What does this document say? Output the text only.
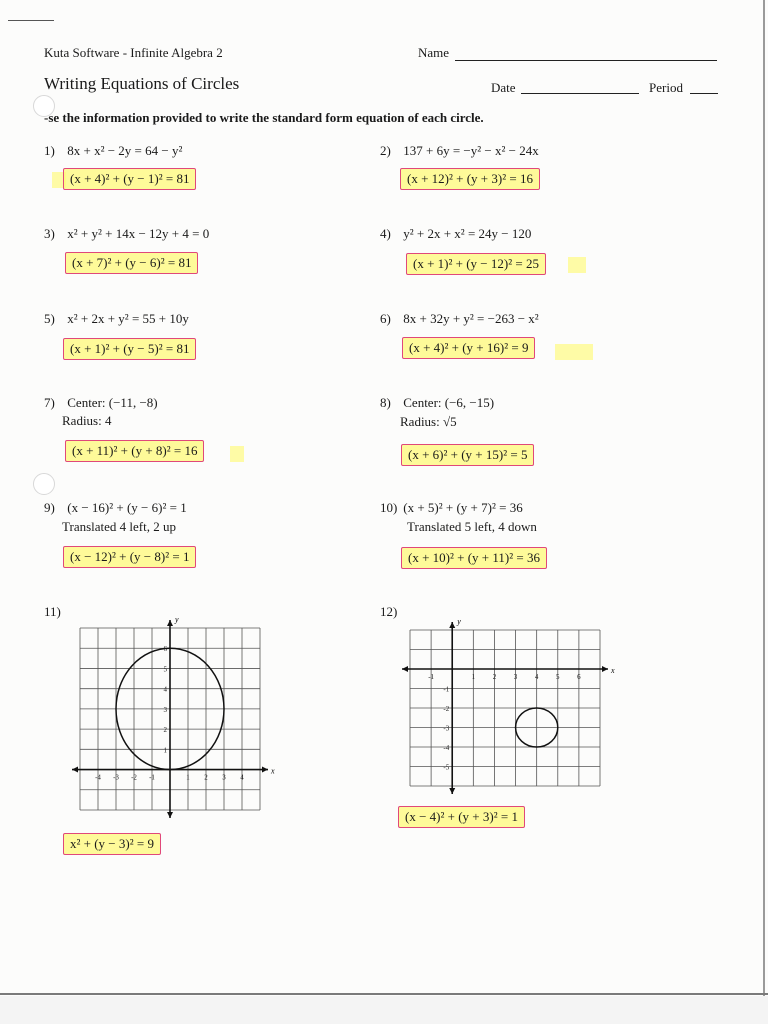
Kuta Software - Infinite Algebra 2	Name
Writing Equations of Circles	Date	Period
-se the information provided to write the standard form equation of each circle.
1) 8x + x² − 2y = 64 − y²
(x + 4)² + (y − 1)² = 81
2) 137 + 6y = −y² − x² − 24x
(x + 12)² + (y + 3)² = 16
3) x² + y² + 14x − 12y + 4 = 0
(x + 7)² + (y − 6)² = 81
4) y² + 2x + x² = 24y − 120
(x + 1)² + (y − 12)² = 25
5) x² + 2x + y² = 55 + 10y
(x + 1)² + (y − 5)² = 81
6) 8x + 32y + y² = −263 − x²
(x + 4)² + (y + 16)² = 9
7) Center: (−11, −8)
Radius: 4
(x + 11)² + (y + 8)² = 16
8) Center: (−6, −15)
Radius: √5
(x + 6)² + (y + 15)² = 5
9) (x − 16)² + (y − 6)² = 1
Translated 4 left, 2 up
(x − 12)² + (y − 8)² = 1
10) (x + 5)² + (y + 7)² = 36
Translated 5 left, 4 down
(x + 10)² + (y + 11)² = 36
11)
-4 -3 -2 -1	1 2 3 4
1
2
3
4
5
6
x
y
x² + (y − 3)² = 9
12)
-1	1	2	3	4	5	6
-1
-2
-3
-4
-5
x
y
(x − 4)² + (y + 3)² = 1
